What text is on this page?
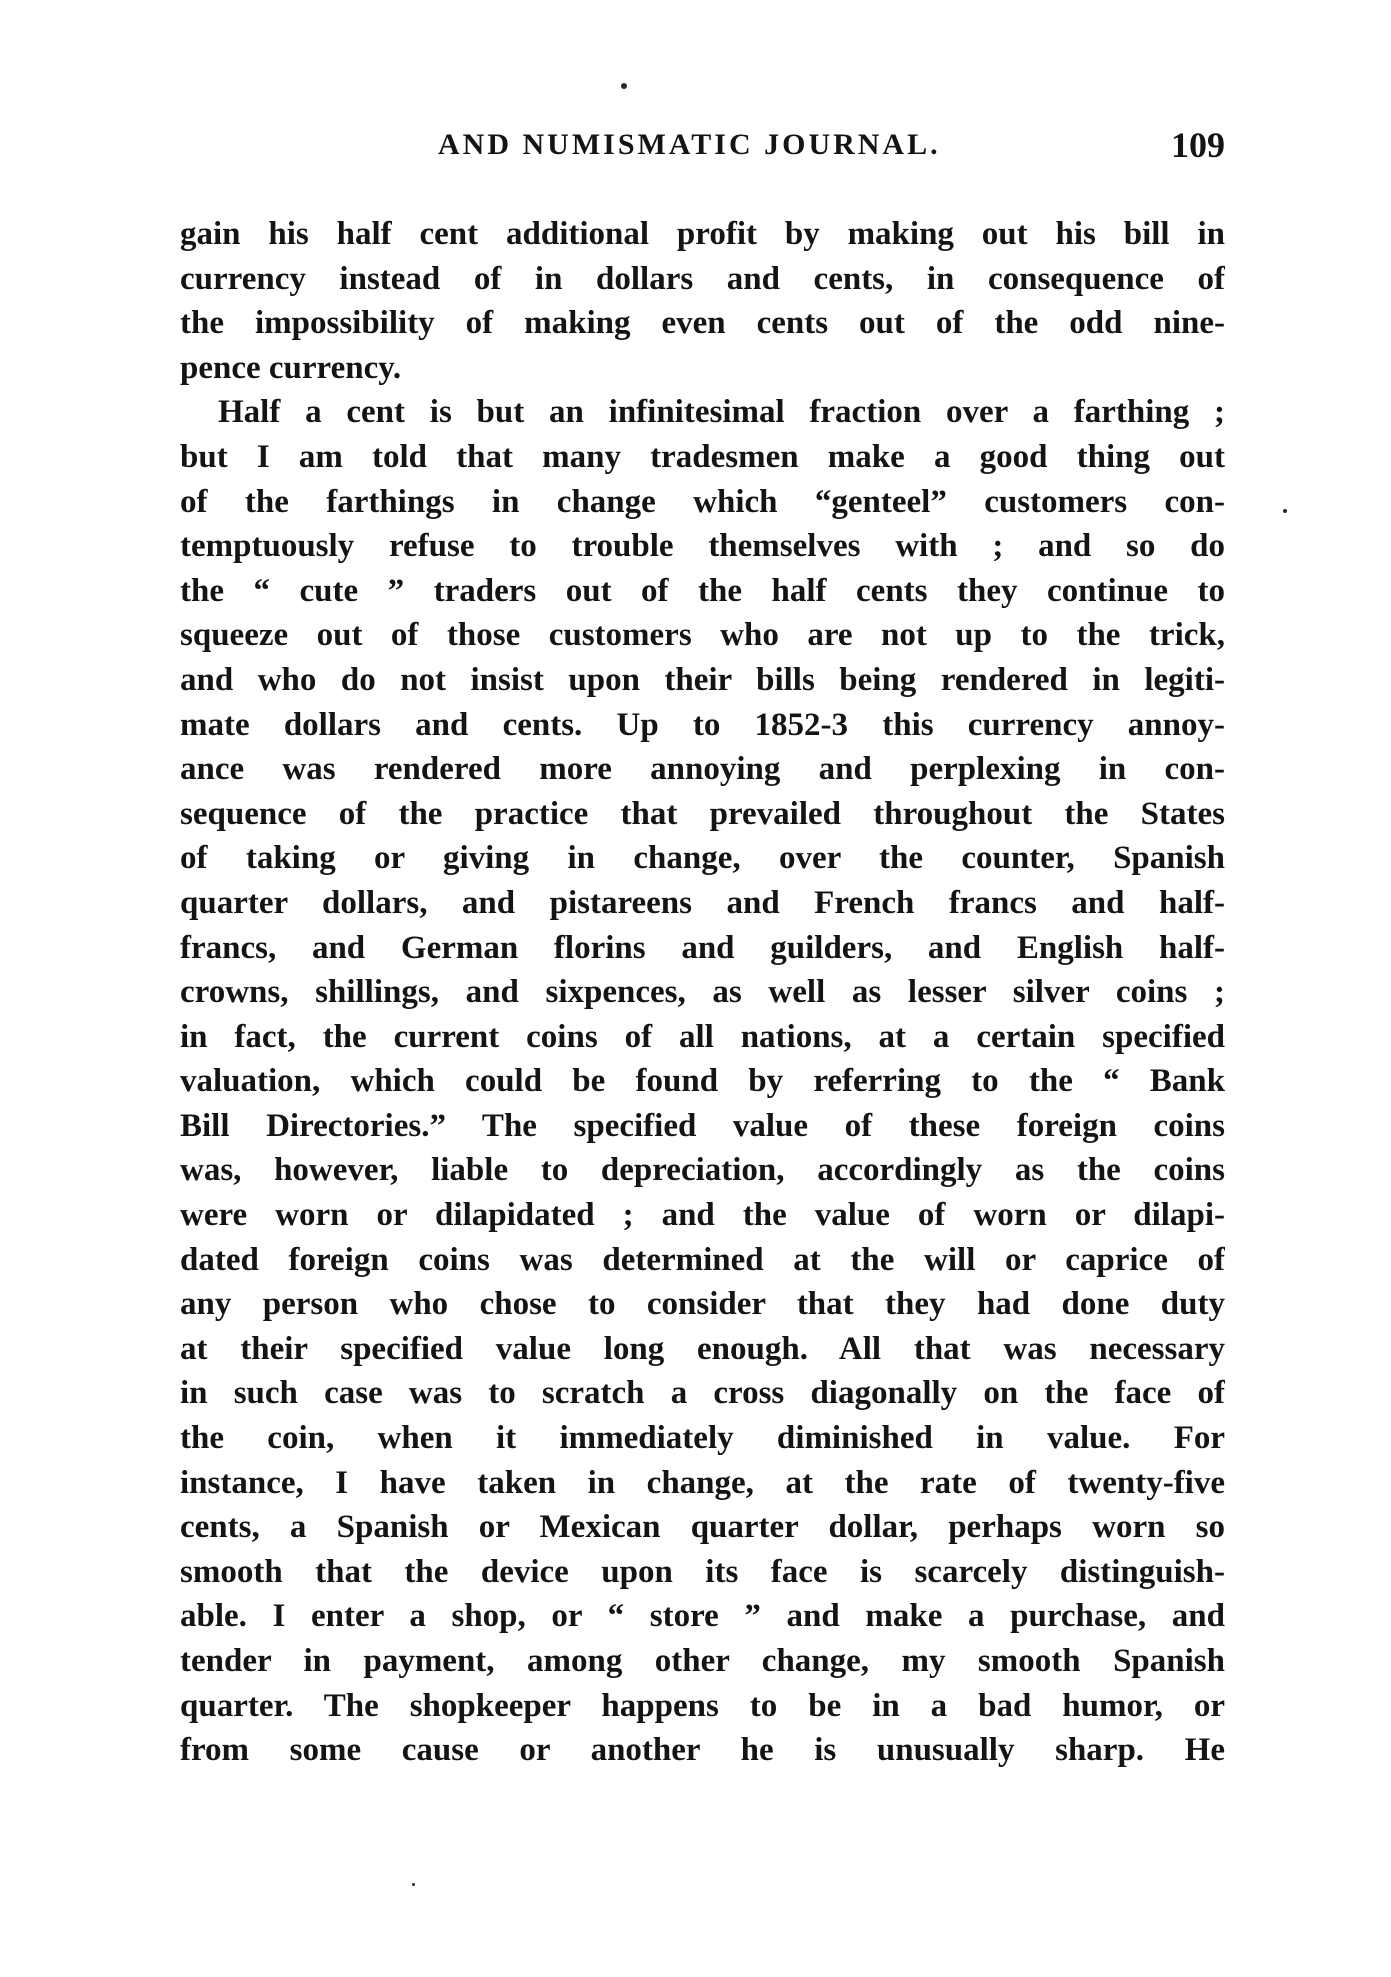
AND NUMISMATIC JOURNAL.	109
gain his half cent additional profit by making out his bill in
currency instead of in dollars and cents, in consequence of
the impossibility of making even cents out of the odd nine-
pence currency.
Half a cent is but an infinitesimal fraction over a farthing ;
but I am told that many tradesmen make a good thing out
of the farthings in change which “genteel” customers con-
temptuously refuse to trouble themselves with ; and so do
the “ cute ” traders out of the half cents they continue to
squeeze out of those customers who are not up to the trick,
and who do not insist upon their bills being rendered in legiti-
mate dollars and cents. Up to 1852-3 this currency annoy-
ance was rendered more annoying and perplexing in con-
sequence of the practice that prevailed throughout the States
of taking or giving in change, over the counter, Spanish
quarter dollars, and pistareens and French francs and half-
francs, and German florins and guilders, and English half-
crowns, shillings, and sixpences, as well as lesser silver coins ;
in fact, the current coins of all nations, at a certain specified
valuation, which could be found by referring to the “ Bank
Bill Directories.” The specified value of these foreign coins
was, however, liable to depreciation, accordingly as the coins
were worn or dilapidated ; and the value of worn or dilapi-
dated foreign coins was determined at the will or caprice of
any person who chose to consider that they had done duty
at their specified value long enough. All that was necessary
in such case was to scratch a cross diagonally on the face of
the coin, when it immediately diminished in value. For
instance, I have taken in change, at the rate of twenty-five
cents, a Spanish or Mexican quarter dollar, perhaps worn so
smooth that the device upon its face is scarcely distinguish-
able. I enter a shop, or “ store ” and make a purchase, and
tender in payment, among other change, my smooth Spanish
quarter. The shopkeeper happens to be in a bad humor, or
from some cause or another he is unusually sharp. He
